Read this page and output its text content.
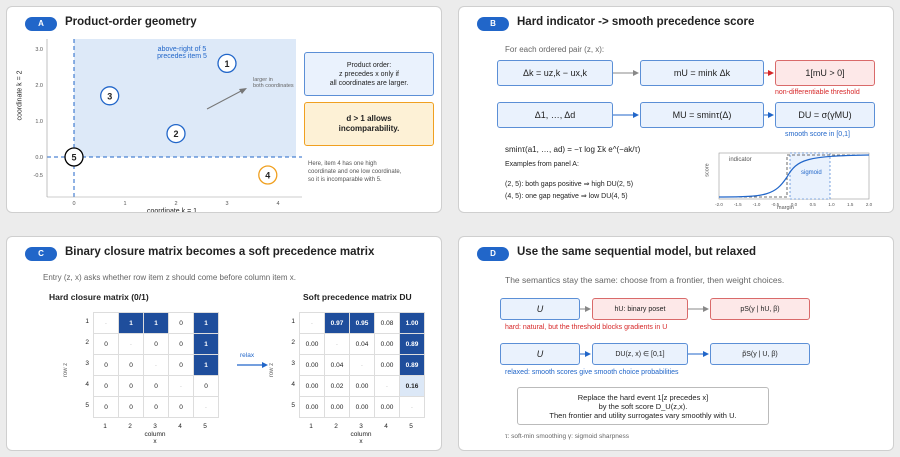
A	Product-order geometry
1
2
3
4
5
3.0
2.0
1.0
0.0
-0.5
0	1	2	3	4
above-right of 5
precedes item 5
larger in
both coordinates
coordinate k = 2
coordinate k = 1
Product order:
z precedes x only if
all coordinates are larger.
d > 1 allows
incomparability.
Here, item 4 has one high
coordinate and one low coordinate,
so it is incomparable with 5.
B	Hard indicator -> smooth precedence score
For each ordered pair (z, x):
Δk = uz,k − ux,k	mU = mink Δk	1[mU > 0]
non-differentiable threshold
Δ1, …, Δd	MU = sminτ(Δ)	DU = σ(γMU)
smooth score in [0,1]
sminτ(a1, …, ad) = −τ log Σk e^(−ak/τ)
Examples from panel A:
(2, 5): both gaps positive ⇒ high DU(2, 5)
(4, 5): one gap negative ⇒ low DU(4, 5)
-2.0 -1.5 -1.0 -0.5	0.0	0.5	1.0	1.5	2.0
indicator
sigmoid
margin
score
C	Binary closure matrix becomes a soft precedence matrix
Entry (z, x) asks whether row item z should come before column item x.
Hard closure matrix (0/1)	Soft precedence matrix DU
·	1	1	0	1
0	·	0	0	1
0	0	·	0	1
0	0	0	·	0
0	0	0	0	·
·	0.97	0.95	0.08	1.00
0.00	·	0.04	0.00	0.89
0.00	0.04	·	0.00	0.89
0.00	0.02	0.00	·	0.16
0.00	0.00	0.00	0.00	·
relax
1
1
2
2
3
3
4
4
5
5
column x
1
1
2
2
3
3
4
4
5
5
column x
row z	row z
D	Use the same sequential model, but relaxed
The semantics stay the same: choose from a frontier, then weight choices.
U	hU: binary poset	pS(y | hU, β)
hard: natural, but the threshold blocks gradients in U
U	DU(z, x) ∈ [0,1]	p̃S(y | U, β)
relaxed: smooth scores give smooth choice probabilities
Replace the hard event 1[z precedes x]
by the soft score D_U(z,x).
Then frontier and utility surrogates vary smoothly with U.
τ: soft-min smoothing γ: sigmoid sharpness
